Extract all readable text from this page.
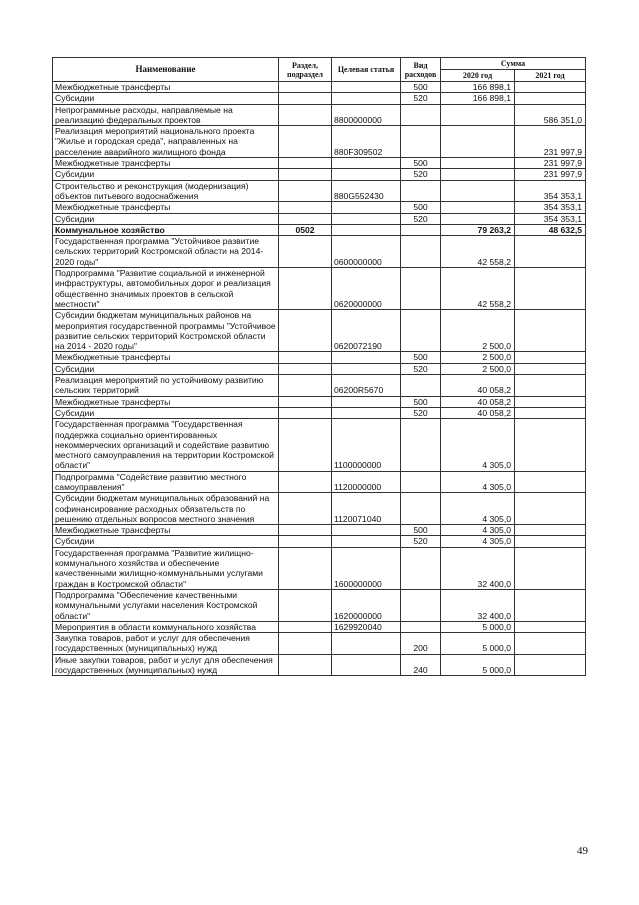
Наименование	Раздел, подраздел	Целевая статья	Вид расходов	Сумма	
				2020 год	2021 год
Межбюджетные трансферты			500	166 898,1	
Субсидии			520	166 898,1	
Непрограммные расходы, направляемые на реализацию федеральных проектов		8800000000			586 351,0
Реализация мероприятий национального проекта "Жилье и городская среда", направленных на расселение аварийного жилищного фонда		880F309502			231 997,9
Межбюджетные трансферты			500		231 997,9
Субсидии			520		231 997,9
Строительство и реконструкция (модернизация) объектов питьевого водоснабжения		880G552430			354 353,1
Межбюджетные трансферты			500		354 353,1
Субсидии			520		354 353,1
Коммунальное хозяйство	0502			79 263,2	48 632,5
Государственная программа "Устойчивое развитие сельских территорий Костромской области на 2014-2020 годы"		0600000000		42 558,2	
Подпрограмма "Развитие социальной и инженерной инфраструктуры, автомобильных дорог и реализация общественно значимых проектов в сельской местности"		0620000000		42 558,2	
Субсидии бюджетам муниципальных районов на мероприятия государственной программы "Устойчивое развитие сельских территорий Костромской области на 2014 - 2020 годы"		0620072190		2 500,0	
Межбюджетные трансферты			500	2 500,0	
Субсидии			520	2 500,0	
Реализация мероприятий по устойчивому развитию сельских территорий		06200R5670		40 058,2	
Межбюджетные трансферты			500	40 058,2	
Субсидии			520	40 058,2	
Государственная программа "Государственная поддержка социально ориентированных некоммерческих организаций и содействие развитию местного самоуправления на территории Костромской области"		1100000000		4 305,0	
Подпрограмма "Содействие развитию местного самоуправления"		1120000000		4 305,0	
Субсидии бюджетам муниципальных образований на софинансирование расходных обязательств по решению отдельных вопросов местного значения		1120071040		4 305,0	
Межбюджетные трансферты			500	4 305,0	
Субсидии			520	4 305,0	
Государственная программа "Развитие жилищно-коммунального хозяйства и обеспечение качественными жилищно-коммунальными услугами граждан в Костромской области"		1600000000		32 400,0	
Подпрограмма "Обеспечение качественными коммунальными услугами населения Костромской области"		1620000000		32 400,0	
Мероприятия в области коммунального хозяйства		1629920040		5 000,0	
Закупка товаров, работ и услуг для обеспечения государственных (муниципальных) нужд			200	5 000,0	
Иные закупки товаров, работ и услуг для обеспечения государственных (муниципальных) нужд			240	5 000,0	
49
